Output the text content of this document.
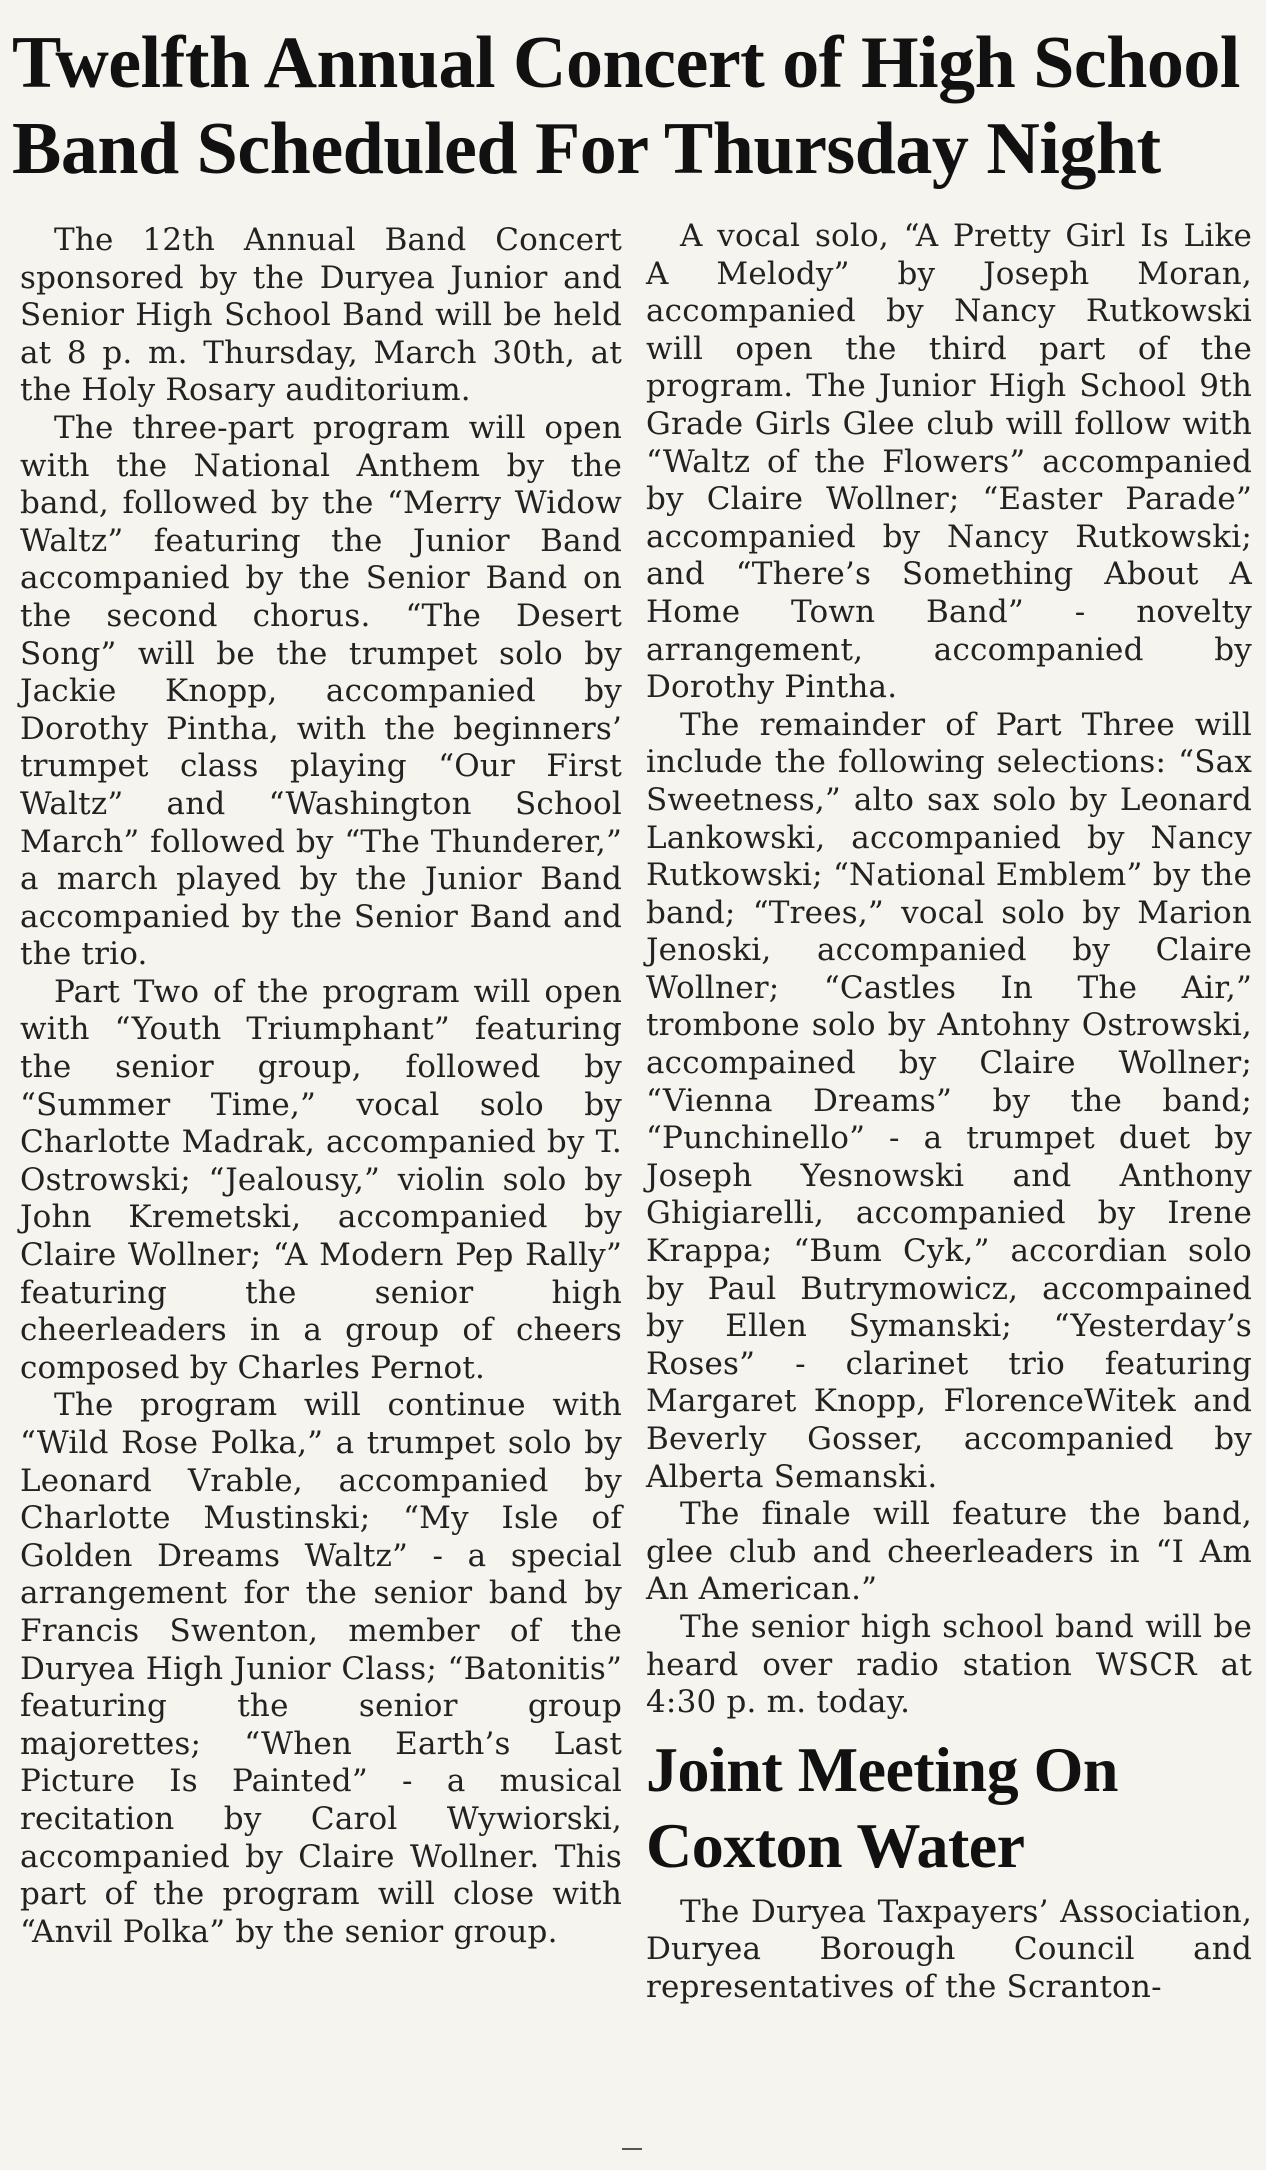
Twelfth Annual Concert of High School Band Scheduled For Thursday Night

The 12th Annual Band Concert sponsored by the Duryea Junior and Senior High School Band will be held at 8 p. m. Thursday, March 30th, at the Holy Rosary auditorium.

The three-part program will open with the National Anthem by the band, followed by the “Merry Widow Waltz” featuring the Junior Band accompanied by the Senior Band on the second chorus. “The Desert Song” will be the trumpet solo by Jackie Knopp, accompanied by Dorothy Pintha, with the beginners’ trumpet class playing “Our First Waltz” and “Washington School March” followed by “The Thunderer,” a march played by the Junior Band accompanied by the Senior Band and the trio.

Part Two of the program will open with “Youth Triumphant” featuring the senior group, followed by “Summer Time,” vocal solo by Charlotte Madrak, accompanied by T. Ostrowski; “Jealousy,” violin solo by John Kremetski, accompanied by Claire Wollner; “A Modern Pep Rally” featuring the senior high cheerleaders in a group of cheers composed by Charles Pernot.

The program will continue with “Wild Rose Polka,” a trumpet solo by Leonard Vrable, accompanied by Charlotte Mustinski; “My Isle of Golden Dreams Waltz” - a special arrangement for the senior band by Francis Swenton, member of the Duryea High Junior Class; “Batonitis” featuring the senior group majorettes; “When Earth’s Last Picture Is Painted” - a musical recitation by Carol Wywiorski, accompanied by Claire Wollner. This part of the program will close with “Anvil Polka” by the senior group.

A vocal solo, “A Pretty Girl Is Like A Melody” by Joseph Moran, accompanied by Nancy Rutkowski will open the third part of the program. The Junior High School 9th Grade Girls Glee club will follow with “Waltz of the Flowers” accompanied by Claire Wollner; “Easter Parade” accompanied by Nancy Rutkowski; and “There’s Something About A Home Town Band” - novelty arrangement, accompanied by Dorothy Pintha.

The remainder of Part Three will include the following selections: “Sax Sweetness,” alto sax solo by Leonard Lankowski, accompanied by Nancy Rutkowski; “National Emblem” by the band; “Trees,” vocal solo by Marion Jenoski, accompanied by Claire Wollner; “Castles In The Air,” trombone solo by Antohny Ostrowski, accompained by Claire Wollner; “Vienna Dreams” by the band; “Punchinello” - a trumpet duet by Joseph Yesnowski and Anthony Ghigiarelli, accompanied by Irene Krappa; “Bum Cyk,” accordian solo by Paul Butrymowicz, accompained by Ellen Symanski; “Yesterday’s Roses” - clarinet trio featuring Margaret Knopp, FlorenceWitek and Beverly Gosser, accompanied by Alberta Semanski.

The finale will feature the band, glee club and cheerleaders in “I Am An American.”

The senior high school band will be heard over radio station WSCR at 4:30 p. m. today.

Joint Meeting On Coxton Water

The Duryea Taxpayers’ Association, Duryea Borough Council and representatives of the Scranton-
